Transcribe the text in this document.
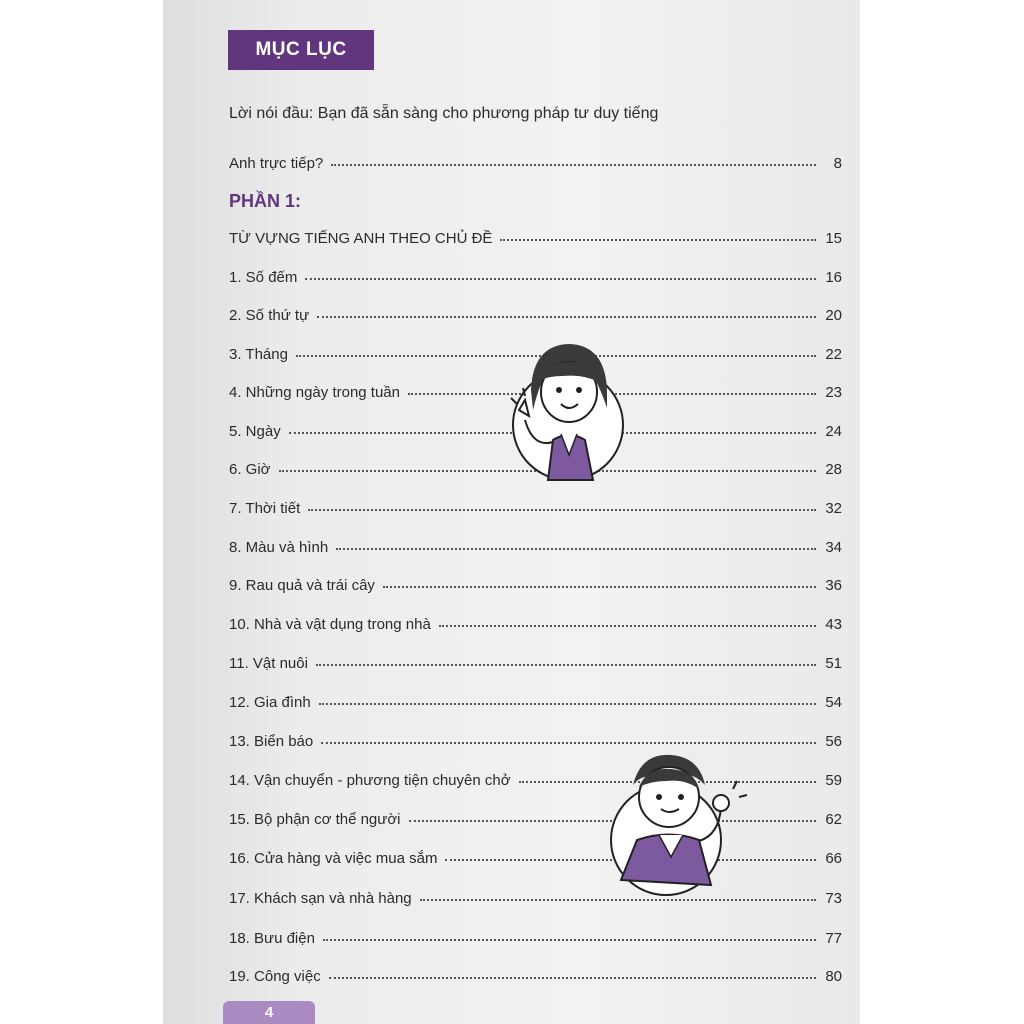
MỤC LỤC
Lời nói đầu: Bạn đã sẵn sàng cho phương pháp tư duy tiếng
Anh trực tiếp?	8
PHẦN 1:
TỪ VỰNG TIẾNG ANH THEO CHỦ ĐỀ	15
1. Số đếm	16
2. Số thứ tự	20
3. Tháng	22
4. Những ngày trong tuần	23
5. Ngày	24
6. Giờ	28
7. Thời tiết	32
8. Màu và hình	34
9. Rau quả và trái cây	36
10. Nhà và vật dụng trong nhà	43
11. Vật nuôi	51
12. Gia đình	54
13. Biển báo	56
14. Vận chuyển - phương tiện chuyên chở	59
15. Bộ phận cơ thể người	62
16. Cửa hàng và việc mua sắm	66
17. Khách sạn và nhà hàng	73
18. Bưu điện	77
19. Công việc	80
4
